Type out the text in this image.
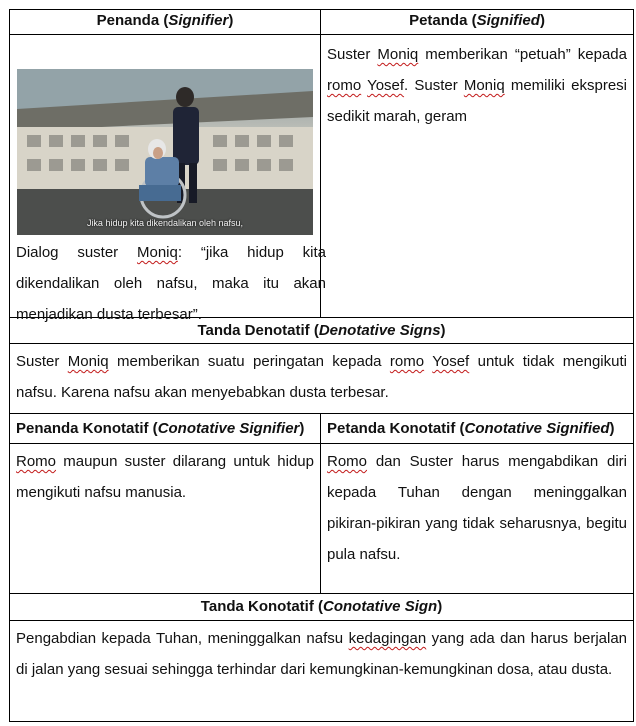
Penanda (Signifier)	Petanda (Signified)
Jika hidup kita dikendalikan oleh nafsu,
Dialog suster Moniq: “jika hidup kita dikendalikan oleh nafsu, maka itu akan menjadikan dusta terbesar”.
Suster Moniq memberikan “petuah” kepada romo Yosef. Suster Moniq memiliki ekspresi sedikit marah, geram
Tanda Denotatif (Denotative Signs)
Suster Moniq memberikan suatu peringatan kepada romo Yosef untuk tidak mengikuti nafsu. Karena nafsu akan menyebabkan dusta terbesar.
Penanda Konotatif (Conotative Signifier)	Petanda Konotatif (Conotative Signified)
Romo maupun suster dilarang untuk hidup mengikuti nafsu manusia.
Romo dan Suster harus mengabdikan diri kepada Tuhan dengan meninggalkan pikiran-pikiran yang tidak seharusnya, begitu pula nafsu.
Tanda Konotatif (Conotative Sign)
Pengabdian kepada Tuhan, meninggalkan nafsu kedagingan yang ada dan harus berjalan di jalan yang sesuai sehingga terhindar dari kemungkinan-kemungkinan dosa, atau dusta.
